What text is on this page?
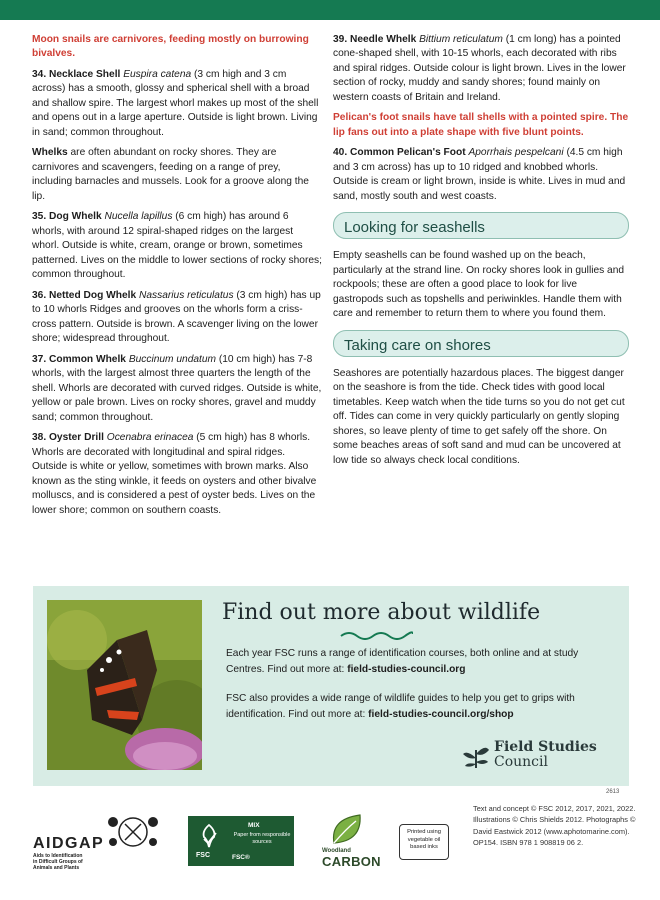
Moon snails are carnivores, feeding mostly on burrowing bivalves.

34. Necklace Shell Euspira catena (3 cm high and 3 cm across) has a smooth, glossy and spherical shell with a broad and shallow spire. The largest whorl makes up most of the shell and opens out in a large aperture. Outside is light brown. Living in sand; common throughout.

Whelks are often abundant on rocky shores. They are carnivores and scavengers, feeding on a range of prey, including barnacles and mussels. Look for a groove along the lip.

35. Dog Whelk Nucella lapillus (6 cm high) has around 6 whorls, with around 12 spiral-shaped ridges on the largest whorl. Outside is white, cream, orange or brown, sometimes patterned. Lives on the middle to lower sections of rocky shores; common throughout.

36. Netted Dog Whelk Nassarius reticulatus (3 cm high) has up to 10 whorls Ridges and grooves on the whorls form a criss-cross pattern. Outside is brown. A scavenger living on the lower shore; widespread throughout.

37. Common Whelk Buccinum undatum (10 cm high) has 7-8 whorls, with the largest almost three quarters the length of the shell. Whorls are decorated with curved ridges. Outside is white, yellow or pale brown. Lives on rocky shores, gravel and muddy sand; common throughout.

38. Oyster Drill Ocenabra erinacea (5 cm high) has 8 whorls. Whorls are decorated with longitudinal and spiral ridges. Outside is white or yellow, sometimes with brown marks. Also known as the sting winkle, it feeds on oysters and other bivalve molluscs, and is considered a pest of oyster beds. Lives on the lower shore; common on southern coasts.

39. Needle Whelk Bittium reticulatum (1 cm long) has a pointed cone-shaped shell, with 10-15 whorls, each decorated with ribs and spiral ridges. Outside colour is light brown. Lives in the lower section of rocky, muddy and sandy shores; found mainly on western coasts of Britain and Ireland.

Pelican's foot snails have tall shells with a pointed spire. The lip fans out into a plate shape with five blunt points.

40. Common Pelican's Foot Aporrhais pespelcani (4.5 cm high and 3 cm across) has up to 10 ridged and knobbed whorls. Outside is cream or light brown, inside is white. Lives in mud and sand, mostly south and west coasts.

Looking for seashells

Empty seashells can be found washed up on the beach, particularly at the strand line. On rocky shores look in gullies and rockpools; these are often a good place to look for live gastropods such as topshells and periwinkles. Handle them with care and remember to return them to where you found them.

Taking care on shores

Seashores are potentially hazardous places. The biggest danger on the seashore is from the tide. Check tides with good local timetables. Keep watch when the tide turns so you do not get cut off. Tides can come in very quickly particularly on gently sloping shores, so leave plenty of time to get safely off the shore. On some beaches areas of soft sand and mud can be uncovered at low tide so always check local conditions.

Find out more about wildlife
Each year FSC runs a range of identification courses, both online and at study Centres. Find out more at: field-studies-council.org
FSC also provides a wide range of wildlife guides to help you get to grips with identification. Find out more at: field-studies-council.org/shop
Field Studies
Council
2613
AIDGAP
Aids to Identification
in Difficult Groups of
Animals and Plants
MIX
Paper from responsible sources
FSC	FSC®
Woodland
CARBON
Printed using
vegetable oil
based inks
Text and concept © FSC 2012, 2017, 2021, 2022. Illustrations © Chris Shields 2012. Photographs © David Eastwick 2012 (www.aphotomarine.com). OP154. ISBN 978 1 908819 06 2.
